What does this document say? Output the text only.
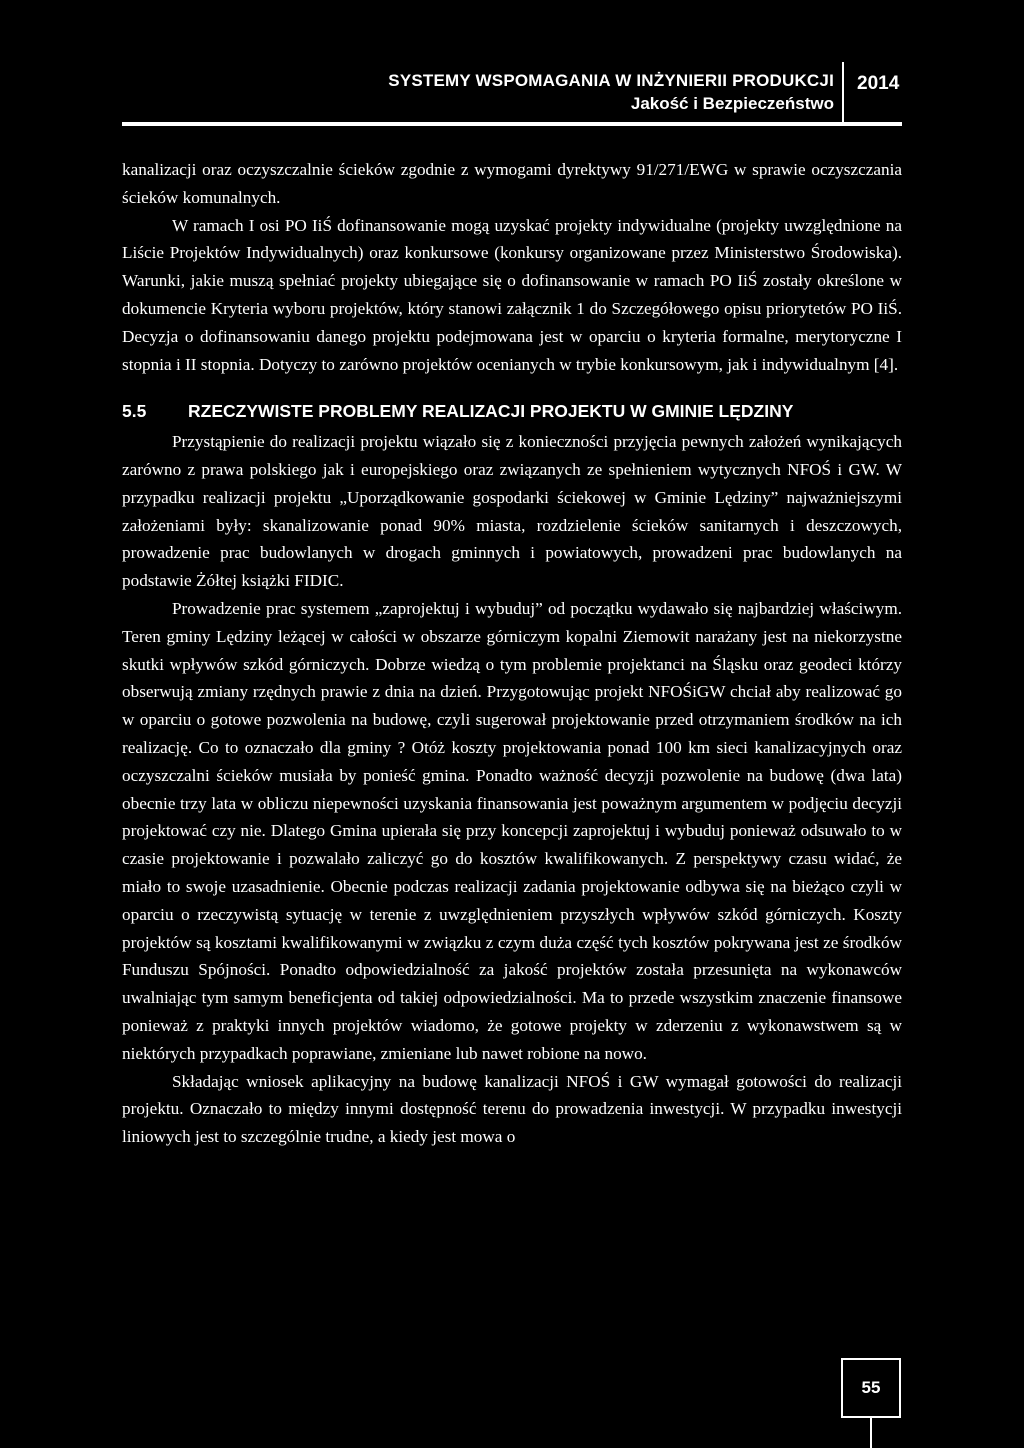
SYSTEMY WSPOMAGANIA W INŻYNIERII PRODUKCJI
Jakość i Bezpieczeństwo
2014

kanalizacji oraz oczyszczalnie ścieków zgodnie z wymogami dyrektywy 91/271/EWG w sprawie oczyszczania ścieków komunalnych.

W ramach I osi PO IiŚ dofinansowanie mogą uzyskać projekty indywidualne (projekty uwzględnione na Liście Projektów Indywidualnych) oraz konkursowe (konkursy organizowane przez Ministerstwo Środowiska). Warunki, jakie muszą spełniać projekty ubiegające się o dofinansowanie w ramach PO IiŚ zostały określone w dokumencie Kryteria wyboru projektów, który stanowi załącznik 1 do Szczegółowego opisu priorytetów PO IiŚ. Decyzja o dofinansowaniu danego projektu podejmowana jest w oparciu o kryteria formalne, merytoryczne I stopnia i II stopnia. Dotyczy to zarówno projektów ocenianych w trybie konkursowym, jak i indywidualnym [4].

5.5 RZECZYWISTE PROBLEMY REALIZACJI PROJEKTU W GMINIE LĘDZINY

Przystąpienie do realizacji projektu wiązało się z konieczności przyjęcia pewnych założeń wynikających zarówno z prawa polskiego jak i europejskiego oraz związanych ze spełnieniem wytycznych NFOŚ i GW. W przypadku realizacji projektu „Uporządkowanie gospodarki ściekowej w Gminie Lędziny” najważniejszymi założeniami były: skanalizowanie ponad 90% miasta, rozdzielenie ścieków sanitarnych i deszczowych, prowadzenie prac budowlanych w drogach gminnych i powiatowych, prowadzeni prac budowlanych na podstawie Żółtej książki FIDIC.

Prowadzenie prac systemem „zaprojektuj i wybuduj” od początku wydawało się najbardziej właściwym. Teren gminy Lędziny leżącej w całości w obszarze górniczym kopalni Ziemowit narażany jest na niekorzystne skutki wpływów szkód górniczych. Dobrze wiedzą o tym problemie projektanci na Śląsku oraz geodeci którzy obserwują zmiany rzędnych prawie z dnia na dzień. Przygotowując projekt NFOŚiGW chciał aby realizować go w oparciu o gotowe pozwolenia na budowę, czyli sugerował projektowanie przed otrzymaniem środków na ich realizację. Co to oznaczało dla gminy ? Otóż koszty projektowania ponad 100 km sieci kanalizacyjnych oraz oczyszczalni ścieków musiała by ponieść gmina. Ponadto ważność decyzji pozwolenie na budowę (dwa lata) obecnie trzy lata w obliczu niepewności uzyskania finansowania jest poważnym argumentem w podjęciu decyzji projektować czy nie. Dlatego Gmina upierała się przy koncepcji zaprojektuj i wybuduj ponieważ odsuwało to w czasie projektowanie i pozwalało zaliczyć go do kosztów kwalifikowanych. Z perspektywy czasu widać, że miało to swoje uzasadnienie. Obecnie podczas realizacji zadania projektowanie odbywa się na bieżąco czyli w oparciu o rzeczywistą sytuację w terenie z uwzględnieniem przyszłych wpływów szkód górniczych. Koszty projektów są kosztami kwalifikowanymi w związku z czym duża część tych kosztów pokrywana jest ze środków Funduszu Spójności. Ponadto odpowiedzialność za jakość projektów została przesunięta na wykonawców uwalniając tym samym beneficjenta od takiej odpowiedzialności. Ma to przede wszystkim znaczenie finansowe ponieważ z praktyki innych projektów wiadomo, że gotowe projekty w zderzeniu z wykonawstwem są w niektórych przypadkach poprawiane, zmieniane lub nawet robione na nowo.

Składając wniosek aplikacyjny na budowę kanalizacji NFOŚ i GW wymagał gotowości do realizacji projektu. Oznaczało to między innymi dostępność terenu do prowadzenia inwestycji. W przypadku inwestycji liniowych jest to szczególnie trudne, a kiedy jest mowa o

55
